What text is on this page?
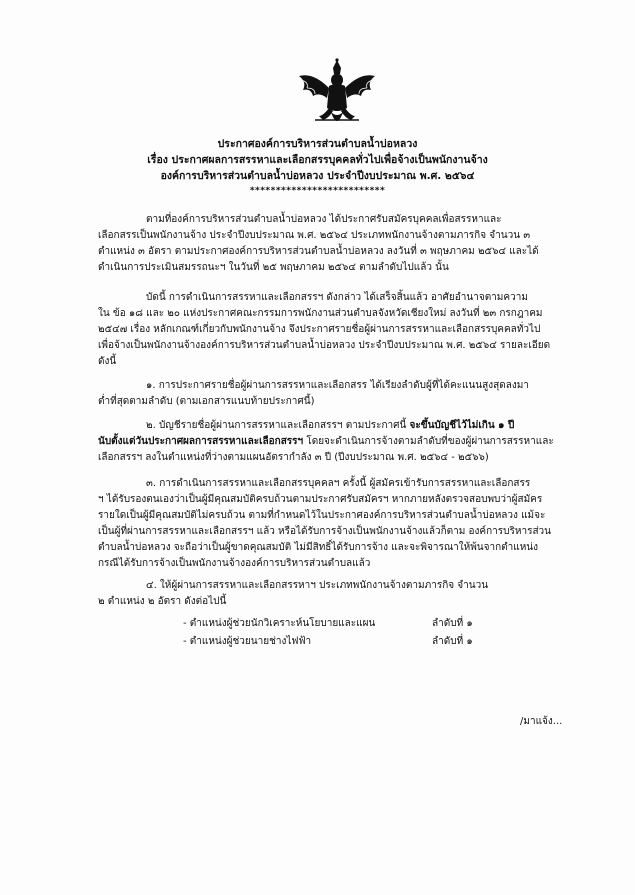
ประกาศองค์การบริหารส่วนตำบลน้ำบ่อหลวง
เรื่อง ประกาศผลการสรรหาและเลือกสรรบุคคลทั่วไปเพื่อจ้างเป็นพนักงานจ้าง
องค์การบริหารส่วนตำบลน้ำบ่อหลวง ประจำปีงบประมาณ พ.ศ. ๒๕๖๔
**************************
ตามที่องค์การบริหารส่วนตำบลน้ำบ่อหลวง ได้ประกาศรับสมัครบุคคลเพื่อสรรหาและ
เลือกสรรเป็นพนักงานจ้าง ประจำปีงบประมาณ พ.ศ. ๒๕๖๔ ประเภทพนักงานจ้างตามภารกิจ จำนวน ๓
ตำแหน่ง ๓ อัตรา ตามประกาศองค์การบริหารส่วนตำบลน้ำบ่อหลวง ลงวันที่ ๓ พฤษภาคม ๒๕๖๔ และได้
ดำเนินการประเมินสมรรถนะฯ ในวันที่ ๒๕ พฤษภาคม ๒๕๖๔ ตามลำดับไปแล้ว นั้น
บัดนี้ การดำเนินการสรรหาและเลือกสรรฯ ดังกล่าว ได้เสร็จสิ้นแล้ว อาศัยอำนาจตามความ
ใน ข้อ ๑๘ และ ๒๐ แห่งประกาศคณะกรรมการพนักงานส่วนตำบลจังหวัดเชียงใหม่ ลงวันที่ ๒๓ กรกฎาคม
๒๕๔๗ เรื่อง หลักเกณฑ์เกี่ยวกับพนักงานจ้าง จึงประกาศรายชื่อผู้ผ่านการสรรหาและเลือกสรรบุคคลทั่วไป
เพื่อจ้างเป็นพนักงานจ้างองค์การบริหารส่วนตำบลน้ำบ่อหลวง ประจำปีงบประมาณ พ.ศ. ๒๕๖๔ รายละเอียด
ดังนี้
๑. การประกาศรายชื่อผู้ผ่านการสรรหาและเลือกสรร ได้เรียงลำดับผู้ที่ได้คะแนนสูงสุดลงมา
ต่ำที่สุดตามลำดับ (ตามเอกสารแนบท้ายประกาศนี้)
๒. บัญชีรายชื่อผู้ผ่านการสรรหาและเลือกสรรฯ ตามประกาศนี้ จะขึ้นบัญชีไว้ไม่เกิน ๑ ปี
นับตั้งแต่วันประกาศผลการสรรหาและเลือกสรรฯ โดยจะดำเนินการจ้างตามลำดับที่ของผู้ผ่านการสรรหาและ
เลือกสรรฯ ลงในตำแหน่งที่ว่างตามแผนอัตรากำลัง ๓ ปี (ปีงบประมาณ พ.ศ. ๒๕๖๔ - ๒๕๖๖)
๓. การดำเนินการสรรหาและเลือกสรรบุคคลฯ ครั้งนี้ ผู้สมัครเข้ารับการสรรหาและเลือกสรร
ฯ ได้รับรองตนเองว่าเป็นผู้มีคุณสมบัติครบถ้วนตามประกาศรับสมัครฯ หากภายหลังตรวจสอบพบว่าผู้สมัคร
รายใดเป็นผู้มีคุณสมบัติไม่ครบถ้วน ตามที่กำหนดไว้ในประกาศองค์การบริหารส่วนตำบลน้ำบ่อหลวง แม้จะ
เป็นผู้ที่ผ่านการสรรหาและเลือกสรรฯ แล้ว หรือได้รับการจ้างเป็นพนักงานจ้างแล้วก็ตาม องค์การบริหารส่วน
ตำบลน้ำบ่อหลวง จะถือว่าเป็นผู้ขาดคุณสมบัติ ไม่มีสิทธิ์ได้รับการจ้าง และจะพิจารณาให้พ้นจากตำแหน่ง
กรณีได้รับการจ้างเป็นพนักงานจ้างองค์การบริหารส่วนตำบลแล้ว
๔. ให้ผู้ผ่านการสรรหาและเลือกสรรหาฯ ประเภทพนักงานจ้างตามภารกิจ จำนวน
๒ ตำแหน่ง ๒ อัตรา ดังต่อไปนี้
- ตำแหน่งผู้ช่วยนักวิเคราะห์นโยบายและแผน	ลำดับที่ ๑
- ตำแหน่งผู้ช่วยนายช่างไฟฟ้า	ลำดับที่ ๑
/มาแจ้ง...
